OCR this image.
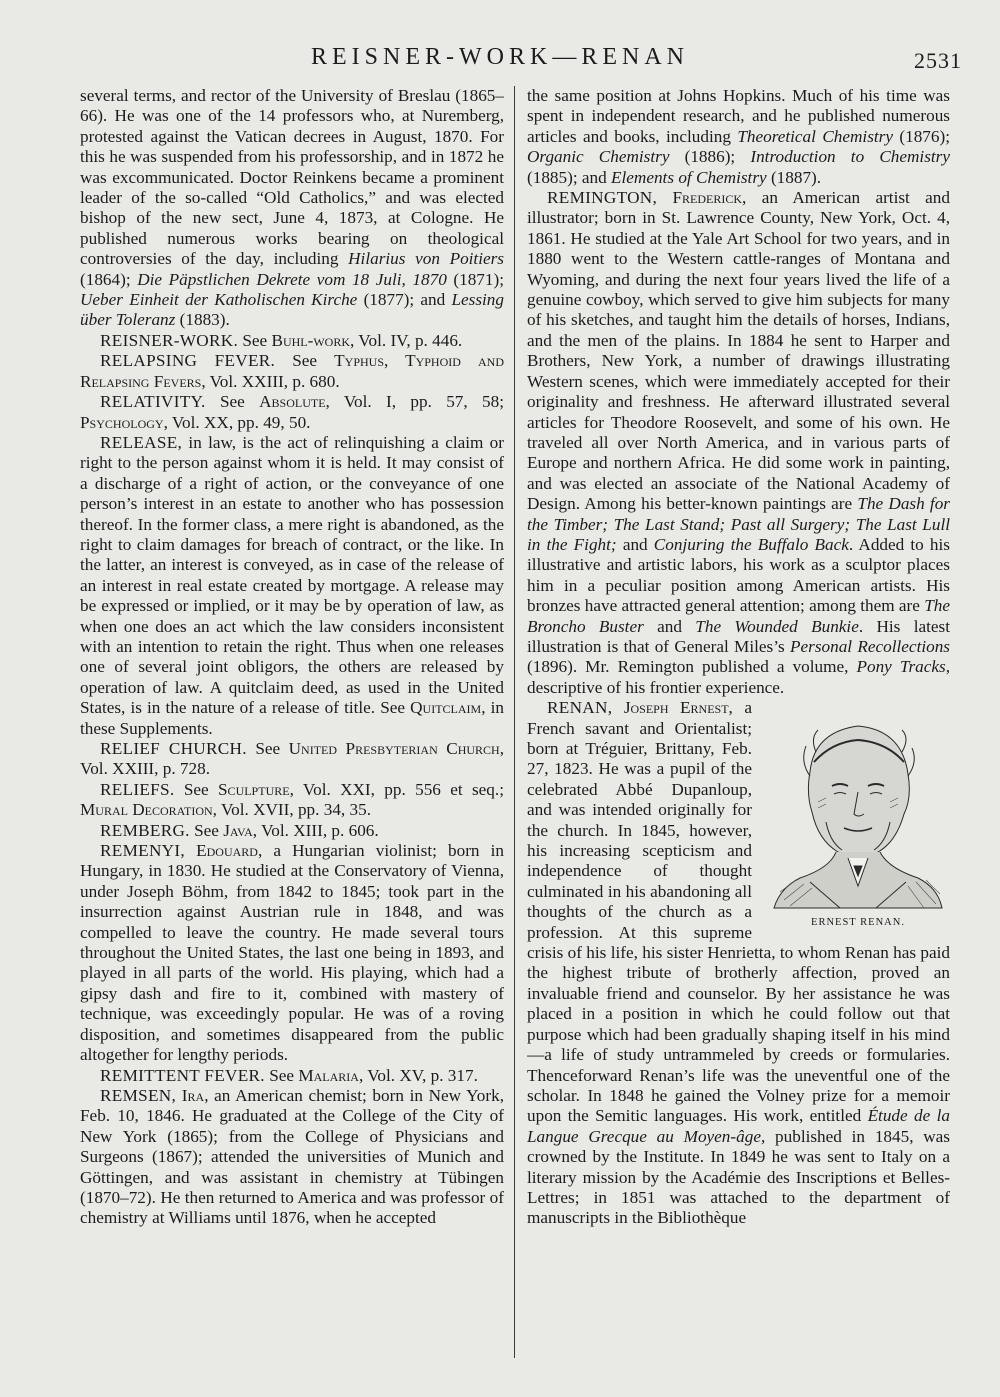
REISNER-WORK—RENAN	2531

several terms, and rector of the University of Breslau (1865–66). He was one of the 14 professors who, at Nuremberg, protested against the Vatican decrees in August, 1870. For this he was suspended from his professorship, and in 1872 he was excommunicated. Doctor Reinkens became a prominent leader of the so-called “Old Catholics,” and was elected bishop of the new sect, June 4, 1873, at Cologne. He published numerous works bearing on theological controversies of the day, including Hilarius von Poitiers (1864); Die Päpstlichen Dekrete vom 18 Juli, 1870 (1871); Ueber Einheit der Katholischen Kirche (1877); and Lessing über Toleranz (1883).

REISNER-WORK. See Buhl-work, Vol. IV, p. 446.

RELAPSING FEVER. See Typhus, Typhoid and Relapsing Fevers, Vol. XXIII, p. 680.

RELATIVITY. See Absolute, Vol. I, pp. 57, 58; Psychology, Vol. XX, pp. 49, 50.

RELEASE, in law, is the act of relinquishing a claim or right to the person against whom it is held. It may consist of a discharge of a right of action, or the conveyance of one person’s interest in an estate to another who has possession thereof. In the former class, a mere right is abandoned, as the right to claim damages for breach of contract, or the like. In the latter, an interest is conveyed, as in case of the release of an interest in real estate created by mortgage. A release may be expressed or implied, or it may be by operation of law, as when one does an act which the law considers inconsistent with an intention to retain the right. Thus when one releases one of several joint obligors, the others are released by operation of law. A quitclaim deed, as used in the United States, is in the nature of a release of title. See Quitclaim, in these Supplements.

RELIEF CHURCH. See United Presbyterian Church, Vol. XXIII, p. 728.

RELIEFS. See Sculpture, Vol. XXI, pp. 556 et seq.; Mural Decoration, Vol. XVII, pp. 34, 35.

REMBERG. See Java, Vol. XIII, p. 606.

REMENYI, Edouard, a Hungarian violinist; born in Hungary, in 1830. He studied at the Conservatory of Vienna, under Joseph Böhm, from 1842 to 1845; took part in the insurrection against Austrian rule in 1848, and was compelled to leave the country. He made several tours throughout the United States, the last one being in 1893, and played in all parts of the world. His playing, which had a gipsy dash and fire to it, combined with mastery of technique, was exceedingly popular. He was of a roving disposition, and sometimes disappeared from the public altogether for lengthy periods.

REMITTENT FEVER. See Malaria, Vol. XV, p. 317.

REMSEN, Ira, an American chemist; born in New York, Feb. 10, 1846. He graduated at the College of the City of New York (1865); from the College of Physicians and Surgeons (1867); attended the universities of Munich and Göttingen, and was assistant in chemistry at Tübingen (1870–72). He then returned to America and was professor of chemistry at Williams until 1876, when he accepted

the same position at Johns Hopkins. Much of his time was spent in independent research, and he published numerous articles and books, including Theoretical Chemistry (1876); Organic Chemistry (1886); Introduction to Chemistry (1885); and Elements of Chemistry (1887).

REMINGTON, Frederick, an American artist and illustrator; born in St. Lawrence County, New York, Oct. 4, 1861. He studied at the Yale Art School for two years, and in 1880 went to the Western cattle-ranges of Montana and Wyoming, and during the next four years lived the life of a genuine cowboy, which served to give him subjects for many of his sketches, and taught him the details of horses, Indians, and the men of the plains. In 1884 he sent to Harper and Brothers, New York, a number of drawings illustrating Western scenes, which were immediately accepted for their originality and freshness. He afterward illustrated several articles for Theodore Roosevelt, and some of his own. He traveled all over North America, and in various parts of Europe and northern Africa. He did some work in painting, and was elected an associate of the National Academy of Design. Among his better-known paintings are The Dash for the Timber; The Last Stand; Past all Surgery; The Last Lull in the Fight; and Conjuring the Buffalo Back. Added to his illustrative and artistic labors, his work as a sculptor places him in a peculiar position among American artists. His bronzes have attracted general attention; among them are The Broncho Buster and The Wounded Bunkie. His latest illustration is that of General Miles’s Personal Recollections (1896). Mr. Remington published a volume, Pony Tracks, descriptive of his frontier experience.

RENAN, Joseph Ernest
ERNEST RENAN.
, a French savant and Orientalist; born at Tréguier, Brittany, Feb. 27, 1823. He was a pupil of the celebrated Abbé Dupanloup, and was intended originally for the church. In 1845, however, his increasing scepticism and independence of thought culminated in his abandoning all thoughts of the church as a profession. At this supreme crisis of his life, his sister Henrietta, to whom Renan has paid the highest tribute of brotherly affection, proved an invaluable friend and counselor. By her assistance he was placed in a position in which he could follow out that purpose which had been gradually shaping itself in his mind—a life of study untrammeled by creeds or formularies. Thenceforward Renan’s life was the uneventful one of the scholar. In 1848 he gained the Volney prize for a memoir upon the Semitic languages. His work, entitled Étude de la Langue Grecque au Moyen-âge, published in 1845, was crowned by the Institute. In 1849 he was sent to Italy on a literary mission by the Académie des Inscriptions et Belles-Lettres; in 1851 was attached to the department of manuscripts in the Bibliothèque
